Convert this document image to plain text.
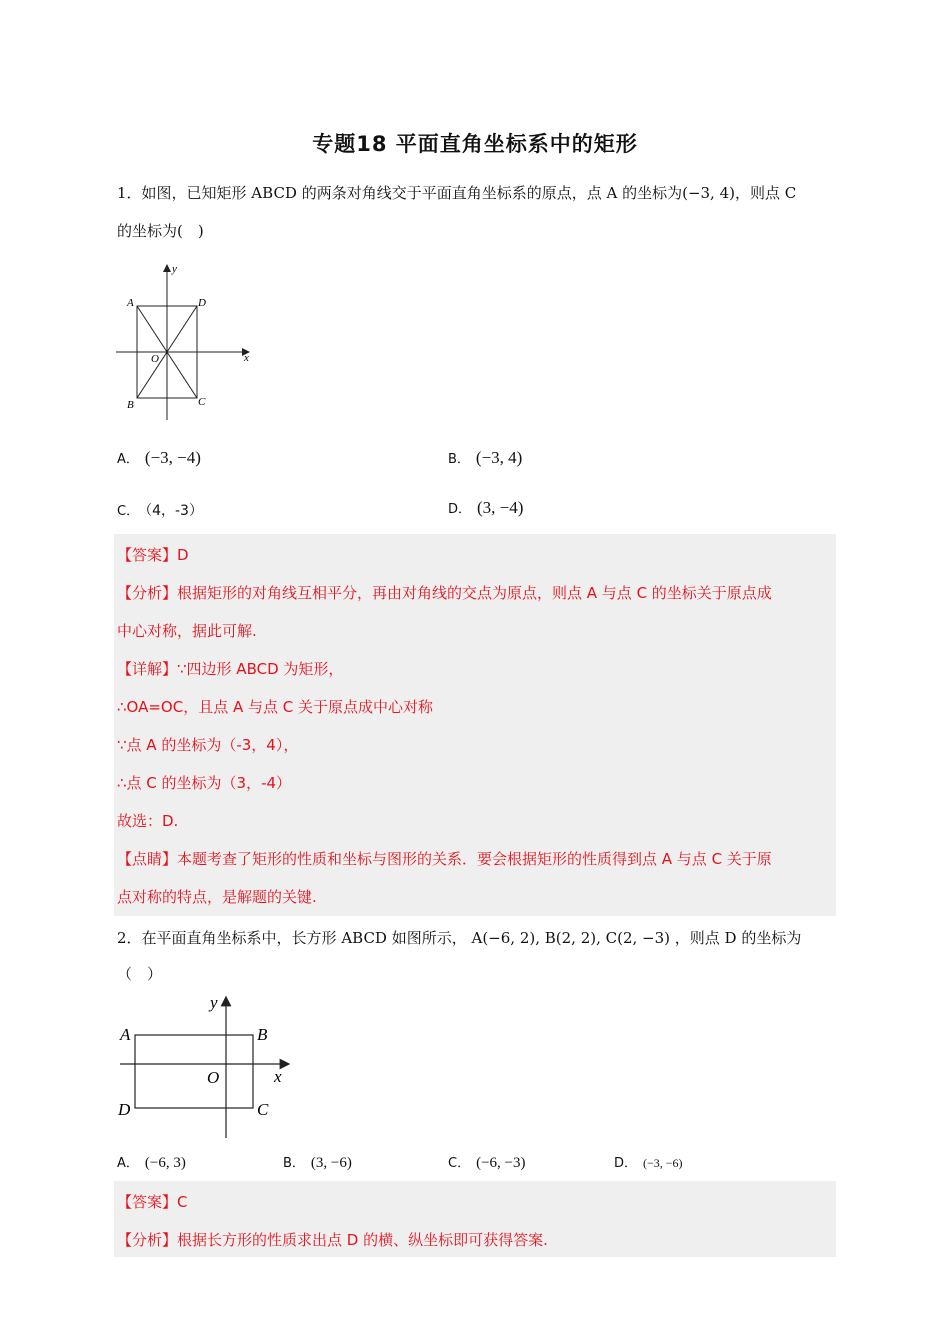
专题18 平面直角坐标系中的矩形
1．如图，已知矩形 ABCD 的两条对角线交于平面直角坐标系的原点，点 A 的坐标为(−3, 4)，则点 C
的坐标为(　)
y
x
A	D
O
B	C
A． (−3, −4)	B． (−3, 4)
C． （4，-3）	D． (3, −4)
【答案】D
【分析】根据矩形的对角线互相平分，再由对角线的交点为原点，则点 A 与点 C 的坐标关于原点成
中心对称，据此可解.
【详解】∵四边形 ABCD 为矩形，
∴OA=OC，且点 A 与点 C 关于原点成中心对称
∵点 A 的坐标为（-3，4），
∴点 C 的坐标为（3，-4）
故选：D.
【点睛】本题考查了矩形的性质和坐标与图形的关系．要会根据矩形的性质得到点 A 与点 C 关于原
点对称的特点，是解题的关键.
2．在平面直角坐标系中，长方形 ABCD 如图所示， A(−6, 2), B(2, 2), C(2, −3) ，则点 D 的坐标为
（　）
y
x
A	B
O
D	C
A． (−6, 3)	B． (3, −6)	C． (−6, −3)	D． (−3, −6)
【答案】C
【分析】根据长方形的性质求出点 D 的横、纵坐标即可获得答案.
